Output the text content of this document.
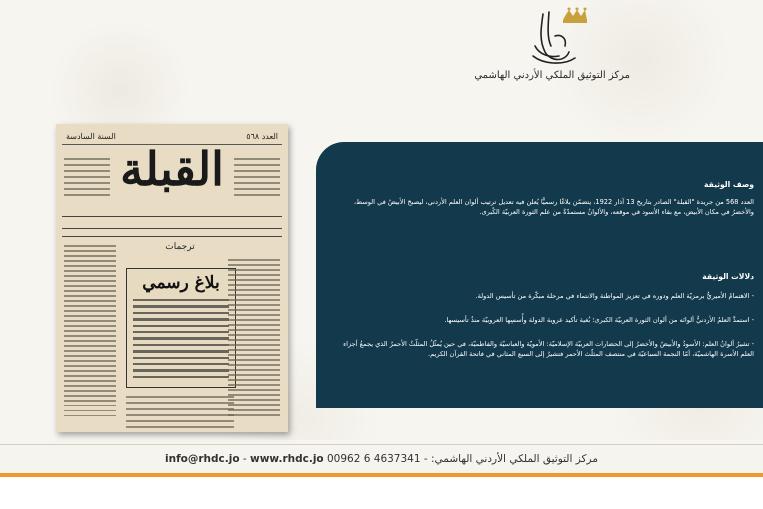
مركز التوثيق الملكي الأردني الهاشمي
السنة السادسة	العدد ٥٦٨
القبلة
ترجمات
بلاغ رسمي
وصف الوثيقة

العدد 568 من جريدة "القبلة" الصادر بتاريخ 13 آذار 1922، يتضمّن بلاغًا رسميًّا يُعلن فيه تعديل ترتيب ألوان العلم الأردني، ليصبحَ الأبيضُ في الوسط، والأخضرُ في مكان الأبيض، مع بقاء الأسود في موقعه، والألوانُ مستمدّةٌ من علم الثورة العربيّة الكُبرى.

دلالات الوثيقة

- الاهتمامُ الأميريُّ برمزيّة العلم ودوره في تعزيز المواطنة والانتماء في مرحلة مبكّرة من تأسيس الدولة.

- استمدَّ العلمُ الأردنيُّ ألوانَه من ألوان الثورة العربيّة الكبرى؛ بُغية تأكيد عروبة الدولة وأُسسِها العروبيّة منذُ تأسيسها.

- تشيرُ ألوانُ العلم: الأسودُ والأبيضُ والأخضرُ إلى الحضارات العربيّة الإسلاميّة: الأمويّة والعباسيّة والفاطميّة، في حين يُمثّلُ المثلّثُ الأحمرُ الذي يجمعُ أجزاء العلم الأسرة الهاشميّة، أمّا النجمة السباعيّة في منتصف المثلّث الأحمر فتشيرُ إلى السبع المثاني في فاتحة القرآن الكريم.

info@rhdc.jo - www.rhdc.jo 00962 6 4637341 - مركز التوثيق الملكي الأردني الهاشمي:
